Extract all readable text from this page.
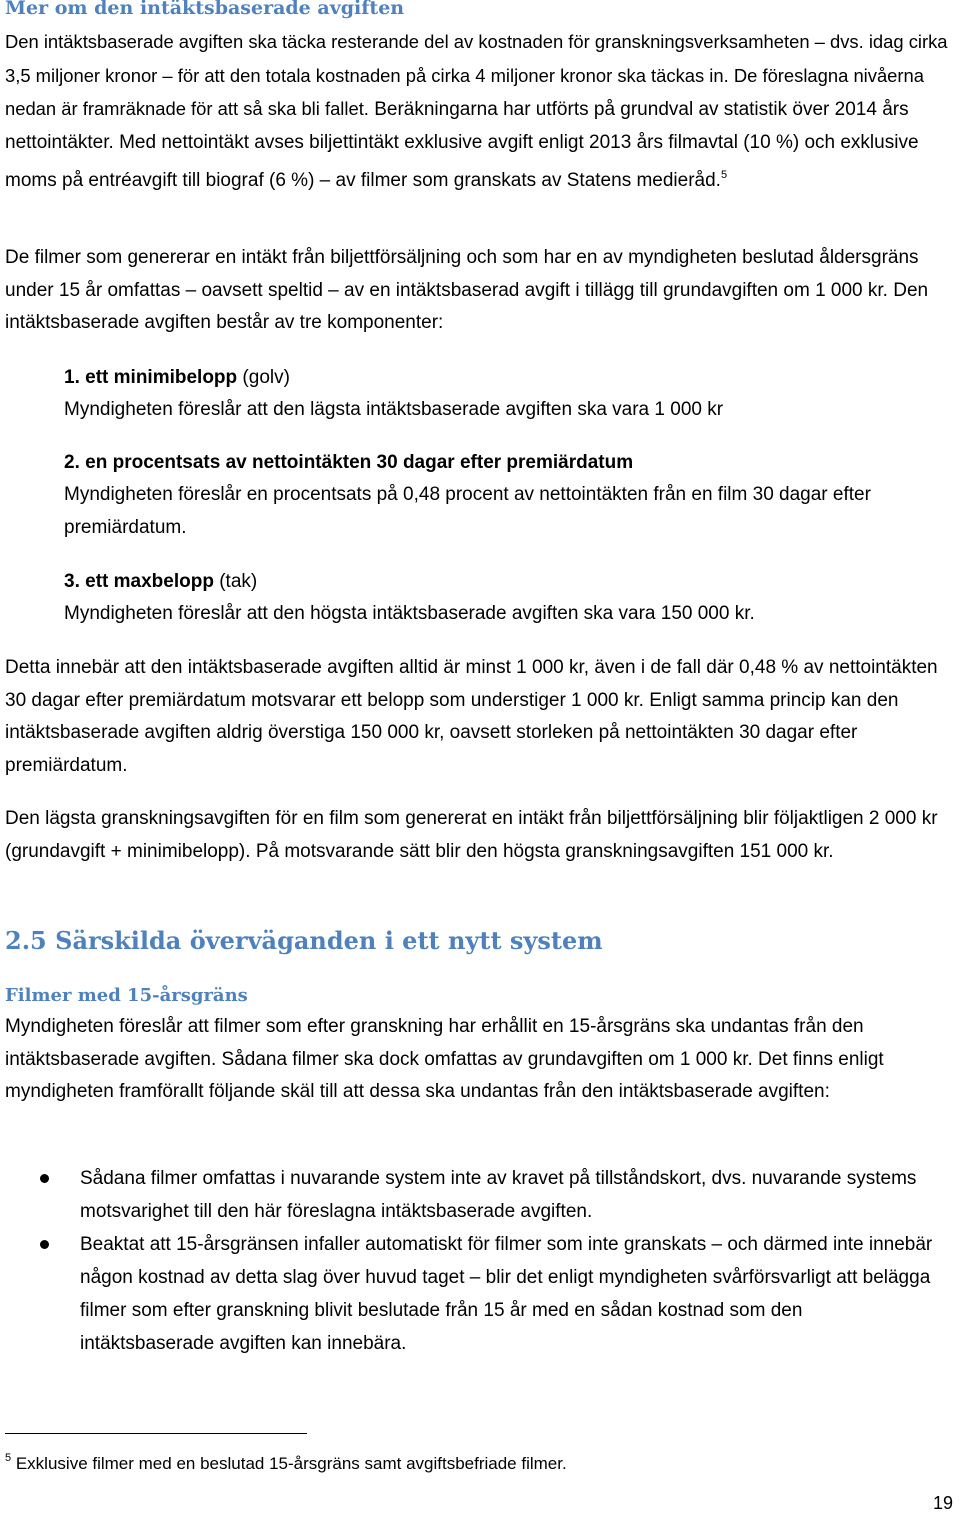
Mer om den intäktsbaserade avgiften

Den intäktsbaserade avgiften ska täcka resterande del av kostnaden för granskningsverksamheten – dvs. idag cirka 3,5 miljoner kronor – för att den totala kostnaden på cirka 4 miljoner kronor ska täckas in. De föreslagna nivåerna nedan är framräknade för att så ska bli fallet. Beräkningarna har utförts på grundval av statistik över 2014 års nettointäkter. Med nettointäkt avses biljettintäkt exklusive avgift enligt 2013 års filmavtal (10 %) och exklusive moms på entréavgift till biograf (6 %) – av filmer som granskats av Statens medieråd.$^5$

De filmer som genererar en intäkt från biljettförsäljning och som har en av myndigheten beslutad åldersgräns under 15 år omfattas – oavsett speltid – av en intäktsbaserad avgift i tillägg till grundavgiften om 1 000 kr. Den intäktsbaserade avgiften består av tre komponenter:

1. ett minimibelopp (golv)

Myndigheten föreslår att den lägsta intäktsbaserade avgiften ska vara 1 000 kr

2. en procentsats av nettointäkten 30 dagar efter premiärdatum

Myndigheten föreslår en procentsats på 0,48 procent av nettointäkten från en film 30 dagar efter premiärdatum.

3. ett maxbelopp (tak)

Myndigheten föreslår att den högsta intäktsbaserade avgiften ska vara 150 000 kr.

Detta innebär att den intäktsbaserade avgiften alltid är minst 1 000 kr, även i de fall där 0,48 % av nettointäkten 30 dagar efter premiärdatum motsvarar ett belopp som understiger 1 000 kr. Enligt samma princip kan den intäktsbaserade avgiften aldrig överstiga 150 000 kr, oavsett storleken på nettointäkten 30 dagar efter premiärdatum.

Den lägsta granskningsavgiften för en film som genererat en intäkt från biljettförsäljning blir följaktligen 2 000 kr (grundavgift + minimibelopp). På motsvarande sätt blir den högsta granskningsavgiften 151 000 kr.

2.5 Särskilda överväganden i ett nytt system
Filmer med 15-årsgräns

Myndigheten föreslår att filmer som efter granskning har erhållit en 15-årsgräns ska undantas från den intäktsbaserade avgiften. Sådana filmer ska dock omfattas av grundavgiften om 1 000 kr. Det finns enligt myndigheten framförallt följande skäl till att dessa ska undantas från den intäktsbaserade avgiften:

Sådana filmer omfattas i nuvarande system inte av kravet på tillståndskort, dvs. nuvarande systems motsvarighet till den här föreslagna intäktsbaserade avgiften.
Beaktat att 15-årsgränsen infaller automatiskt för filmer som inte granskats – och därmed inte innebär någon kostnad av detta slag över huvud taget – blir det enligt myndigheten svårförsvarligt att belägga filmer som efter granskning blivit beslutade från 15 år med en sådan kostnad som den intäktsbaserade avgiften kan innebära.
$^5$ Exklusive filmer med en beslutad 15-årsgräns samt avgiftsbefriade filmer.
19
